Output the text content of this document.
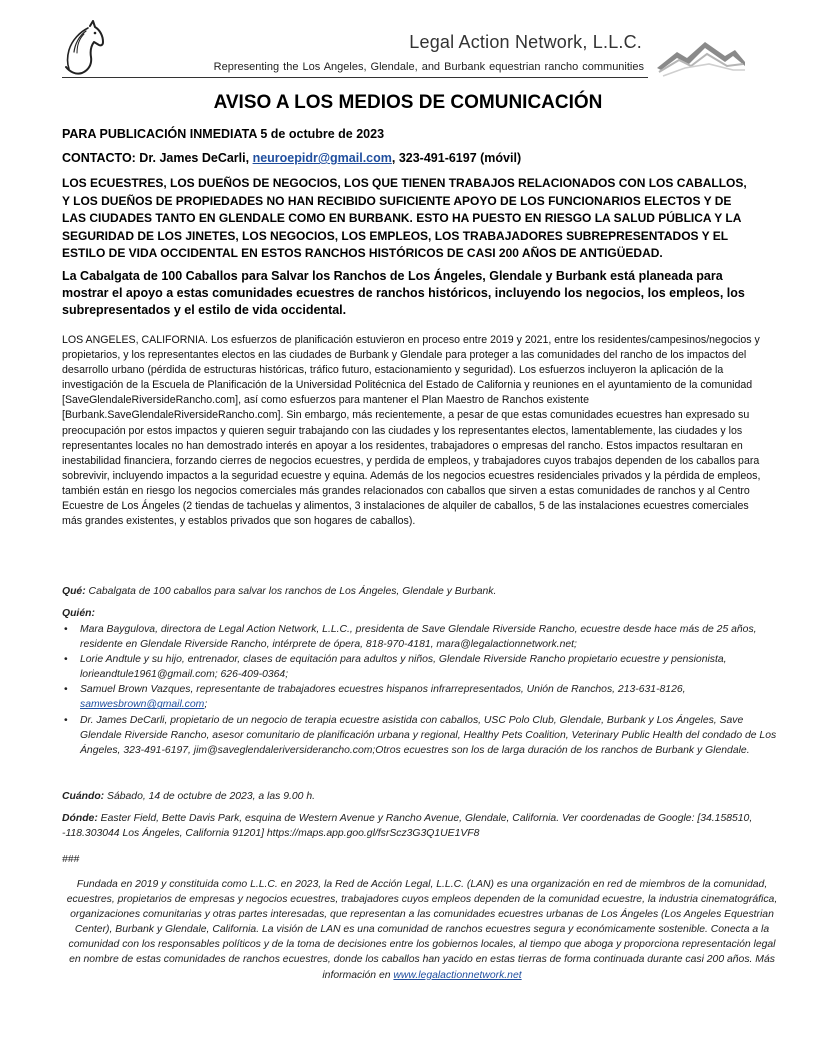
Legal Action Network, L.L.C.
Representing the Los Angeles, Glendale, and Burbank equestrian rancho communities
AVISO A LOS MEDIOS DE COMUNICACIÓN

PARA PUBLICACIÓN INMEDIATA 5 de octubre de 2023

CONTACTO: Dr. James DeCarli, neuroepidr@gmail.com, 323-491-6197 (móvil)

LOS ECUESTRES, LOS DUEÑOS DE NEGOCIOS, LOS QUE TIENEN TRABAJOS RELACIONADOS CON LOS CABALLOS, Y LOS DUEÑOS DE PROPIEDADES NO HAN RECIBIDO SUFICIENTE APOYO DE LOS FUNCIONARIOS ELECTOS Y DE LAS CIUDADES TANTO EN GLENDALE COMO EN BURBANK. ESTO HA PUESTO EN RIESGO LA SALUD PÚBLICA Y LA SEGURIDAD DE LOS JINETES, LOS NEGOCIOS, LOS EMPLEOS, LOS TRABAJADORES SUBREPRESENTADOS Y EL ESTILO DE VIDA OCCIDENTAL EN ESTOS RANCHOS HISTÓRICOS DE CASI 200 AÑOS DE ANTIGÜEDAD.

La Cabalgata de 100 Caballos para Salvar los Ranchos de Los Ángeles, Glendale y Burbank está planeada para mostrar el apoyo a estas comunidades ecuestres de ranchos históricos, incluyendo los negocios, los empleos, los subrepresentados y el estilo de vida occidental.

LOS ANGELES, CALIFORNIA. Los esfuerzos de planificación estuvieron en proceso entre 2019 y 2021, entre los residentes/campesinos/negocios y propietarios, y los representantes electos en las ciudades de Burbank y Glendale para proteger a las comunidades del rancho de los impactos del desarrollo urbano (pérdida de estructuras históricas, tráfico futuro, estacionamiento y seguridad). Los esfuerzos incluyeron la aplicación de la investigación de la Escuela de Planificación de la Universidad Politécnica del Estado de California y reuniones en el ayuntamiento de la comunidad [SaveGlendaleRiversideRancho.com], así como esfuerzos para mantener el Plan Maestro de Ranchos existente [Burbank.SaveGlendaleRiversideRancho.com]. Sin embargo, más recientemente, a pesar de que estas comunidades ecuestres han expresado su preocupación por estos impactos y quieren seguir trabajando con las ciudades y los representantes electos, lamentablemente, las ciudades y los representantes locales no han demostrado interés en apoyar a los residentes, trabajadores o empresas del rancho. Estos impactos resultaran en inestabilidad financiera, forzando cierres de negocios ecuestres, y perdida de empleos, y trabajadores cuyos trabajos dependen de los caballos para sobrevivir, incluyendo impactos a la seguridad ecuestre y equina. Además de los negocios ecuestres residenciales privados y la pérdida de empleos, también están en riesgo los negocios comerciales más grandes relacionados con caballos que sirven a estas comunidades de ranchos y al Centro Ecuestre de Los Ángeles (2 tiendas de tachuelas y alimentos, 3 instalaciones de alquiler de caballos, 5 de las instalaciones ecuestres comerciales más grandes existentes, y establos privados que son hogares de caballos).

Qué: Cabalgata de 100 caballos para salvar los ranchos de Los Ángeles, Glendale y Burbank.

Quién:

• Mara Baygulova, directora de Legal Action Network, L.L.C., presidenta de Save Glendale Riverside Rancho, ecuestre desde hace más de 25 años, residente en Glendale Riverside Rancho, intérprete de ópera, 818-970-4181, mara@legalactionnetwork.net;
• Lorie Andtule y su hijo, entrenador, clases de equitación para adultos y niños, Glendale Riverside Rancho propietario ecuestre y pensionista, lorieandtule1961@gmail.com; 626-409-0364;
• Samuel Brown Vazques, representante de trabajadores ecuestres hispanos infrarrepresentados, Unión de Ranchos, 213-631-8126, samwesbrown@gmail.com;
• Dr. James DeCarli, propietario de un negocio de terapia ecuestre asistida con caballos, USC Polo Club, Glendale, Burbank y Los Ángeles, Save Glendale Riverside Rancho, asesor comunitario de planificación urbana y regional, Healthy Pets Coalition, Veterinary Public Health del condado de Los Ángeles, 323-491-6197, jim@saveglendaleriversiderancho.com;Otros ecuestres son los de larga duración de los ranchos de Burbank y Glendale.

Cuándo: Sábado, 14 de octubre de 2023, a las 9.00 h.

Dónde: Easter Field, Bette Davis Park, esquina de Western Avenue y Rancho Avenue, Glendale, California. Ver coordenadas de Google: [34.158510, -118.303044 Los Ángeles, California 91201] https://maps.app.goo.gl/fsrScz3G3Q1UE1VF8

###

Fundada en 2019 y constituida como L.L.C. en 2023, la Red de Acción Legal, L.L.C. (LAN) es una organización en red de miembros de la comunidad, ecuestres, propietarios de empresas y negocios ecuestres, trabajadores cuyos empleos dependen de la comunidad ecuestre, la industria cinematográfica, organizaciones comunitarias y otras partes interesadas, que representan a las comunidades ecuestres urbanas de Los Ángeles (Los Angeles Equestrian Center), Burbank y Glendale, California. La visión de LAN es una comunidad de ranchos ecuestres segura y económicamente sostenible. Conecta a la comunidad con los responsables políticos y de la toma de decisiones entre los gobiernos locales, al tiempo que aboga y proporciona representación legal en nombre de estas comunidades de ranchos ecuestres, donde los caballos han yacido en estas tierras de forma continuada durante casi 200 años. Más información en www.legalactionnetwork.net
